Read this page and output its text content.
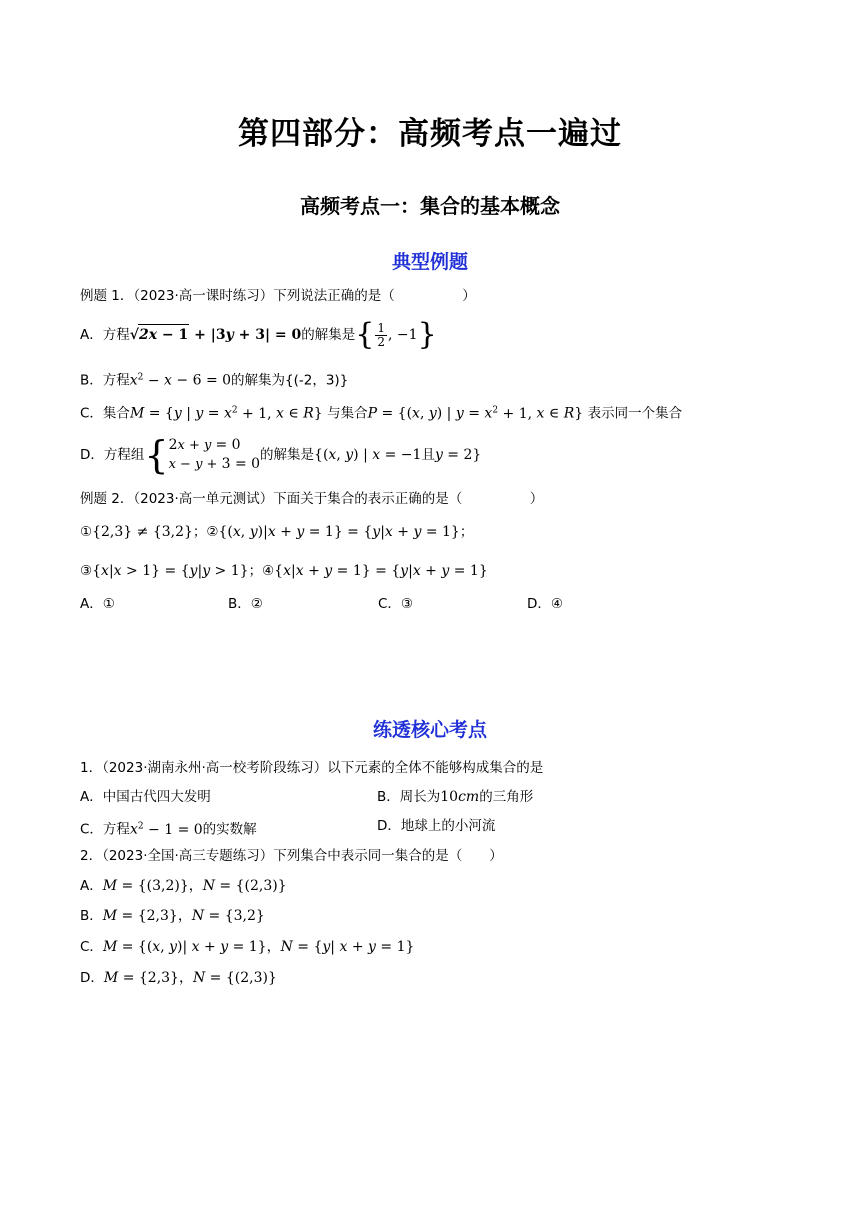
第四部分：高频考点一遍过
高频考点一：集合的基本概念
典型例题
例题 1．（2023·高一课时练习）下列说法正确的是（　　　　　）
A．方程√2x − 1 + |3y + 3| = 0的解集是{ $\frac{1}{2}$ , −1}
B．方程$x^2 - x - 6 = 0$的解集为{(-2，3)}
C．集合M = {y | $y = x^2 + 1$, x ∈ R} 与集合P = {(x, y) | $y = x^2 + 1$, x ∈ R} 表示同一个集合
D．方程组{ 2x + y = 0
x − y + 3 = 0
的解集是{(x, y) | x = −1且y = 2}
例题 2．（2023·高一单元测试）下面关于集合的表示正确的是（　　　　　）
①{2,3} ≠ {3,2}；②{(x, y)|x + y = 1} = {y|x + y = 1}；
③{x|x > 1} = {y|y > 1}；④{x|x + y = 1} = {y|x + y = 1}
A．①	B．②	C．③	D．④
练透核心考点
1．（2023·湖南永州·高一校考阶段练习）以下元素的全体不能够构成集合的是
A．中国古代四大发明	B．周长为10cm的三角形
C．方程$x^2 - 1 = 0$的实数解	D．地球上的小河流
2．（2023·全国·高三专题练习）下列集合中表示同一集合的是（　　）
A．M = {(3,2)}，N = {(2,3)}
B．M = {2,3}，N = {3,2}
C．M = {(x, y)| x + y = 1}，N = {y| x + y = 1}
D．M = {2,3}，N = {(2,3)}
